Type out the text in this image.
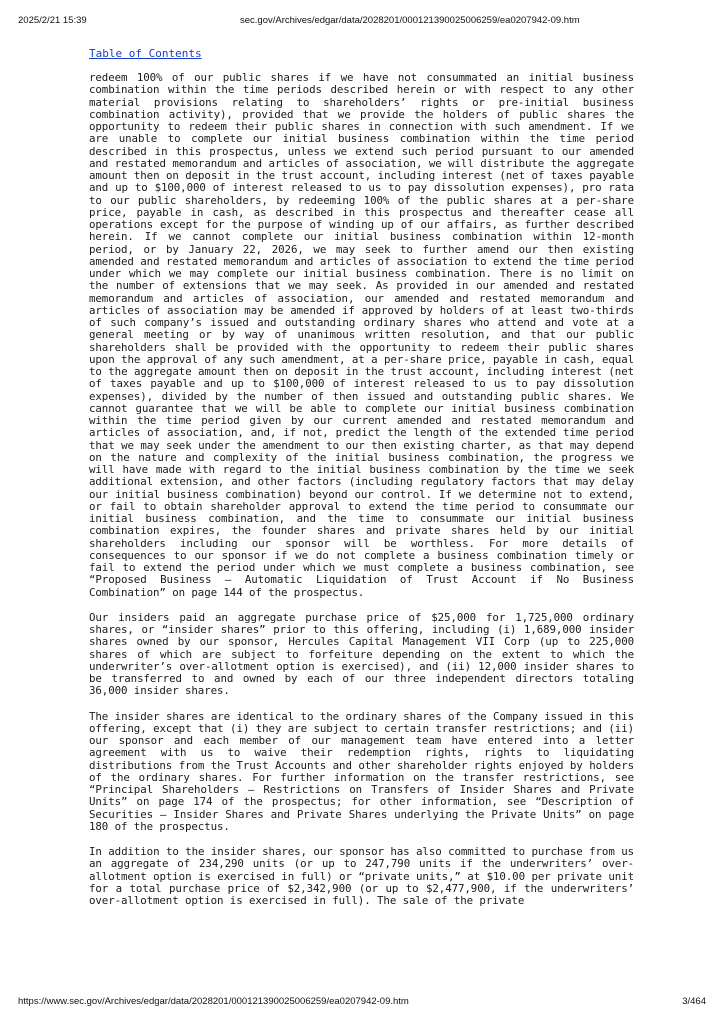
2025/2/21 15:39	sec.gov/Archives/edgar/data/2028201/000121390025006259/ea0207942-09.htm
Table of Contents

redeem 100% of our public shares if we have not consummated an initial business combination within the time periods described herein or with respect to any other material provisions relating to shareholders’ rights or pre-initial business combination activity), provided that we provide the holders of public shares the opportunity to redeem their public shares in connection with such amendment. If we are unable to complete our initial business combination within the time period described in this prospectus, unless we extend such period pursuant to our amended and restated memorandum and articles of association, we will distribute the aggregate amount then on deposit in the trust account, including interest (net of taxes payable and up to $100,000 of interest released to us to pay dissolution expenses), pro rata to our public shareholders, by redeeming 100% of the public shares at a per-share price, payable in cash, as described in this prospectus and thereafter cease all operations except for the purpose of winding up of our affairs, as further described herein. If we cannot complete our initial business combination within 12-month period, or by January 22, 2026, we may seek to further amend our then existing amended and restated memorandum and articles of association to extend the time period under which we may complete our initial business combination. There is no limit on the number of extensions that we may seek. As provided in our amended and restated memorandum and articles of association, our amended and restated memorandum and articles of association may be amended if approved by holders of at least two-thirds of such company’s issued and outstanding ordinary shares who attend and vote at a general meeting or by way of unanimous written resolution, and that our public shareholders shall be provided with the opportunity to redeem their public shares upon the approval of any such amendment, at a per-share price, payable in cash, equal to the aggregate amount then on deposit in the trust account, including interest (net of taxes payable and up to $100,000 of interest released to us to pay dissolution expenses), divided by the number of then issued and outstanding public shares. We cannot guarantee that we will be able to complete our initial business combination within the time period given by our current amended and restated memorandum and articles of association, and, if not, predict the length of the extended time period that we may seek under the amendment to our then existing charter, as that may depend on the nature and complexity of the initial business combination, the progress we will have made with regard to the initial business combination by the time we seek additional extension, and other factors (including regulatory factors that may delay our initial business combination) beyond our control. If we determine not to extend, or fail to obtain shareholder approval to extend the time period to consummate our initial business combination, and the time to consummate our initial business combination expires, the founder shares and private shares held by our initial shareholders including our sponsor will be worthless. For more details of consequences to our sponsor if we do not complete a business combination timely or fail to extend the period under which we must complete a business combination, see “Proposed Business — Automatic Liquidation of Trust Account if No Business Combination” on page 144 of the prospectus.

Our insiders paid an aggregate purchase price of $25,000 for 1,725,000 ordinary shares, or “insider shares” prior to this offering, including (i) 1,689,000 insider shares owned by our sponsor, Hercules Capital Management VII Corp (up to 225,000 shares of which are subject to forfeiture depending on the extent to which the underwriter’s over-allotment option is exercised), and (ii) 12,000 insider shares to be transferred to and owned by each of our three independent directors totaling 36,000 insider shares.

The insider shares are identical to the ordinary shares of the Company issued in this offering, except that (i) they are subject to certain transfer restrictions; and (ii) our sponsor and each member of our management team have entered into a letter agreement with us to waive their redemption rights, rights to liquidating distributions from the Trust Accounts and other shareholder rights enjoyed by holders of the ordinary shares. For further information on the transfer restrictions, see “Principal Shareholders — Restrictions on Transfers of Insider Shares and Private Units” on page 174 of the prospectus; for other information, see “Description of Securities — Insider Shares and Private Shares underlying the Private Units” on page 180 of the prospectus.

In addition to the insider shares, our sponsor has also committed to purchase from us an aggregate of 234,290 units (or up to 247,790 units if the underwriters’ over-allotment option is exercised in full) or “private units,” at $10.00 per private unit for a total purchase price of $2,342,900 (or up to $2,477,900, if the underwriters’ over-allotment option is exercised in full). The sale of the private

https://www.sec.gov/Archives/edgar/data/2028201/000121390025006259/ea0207942-09.htm	3/464
